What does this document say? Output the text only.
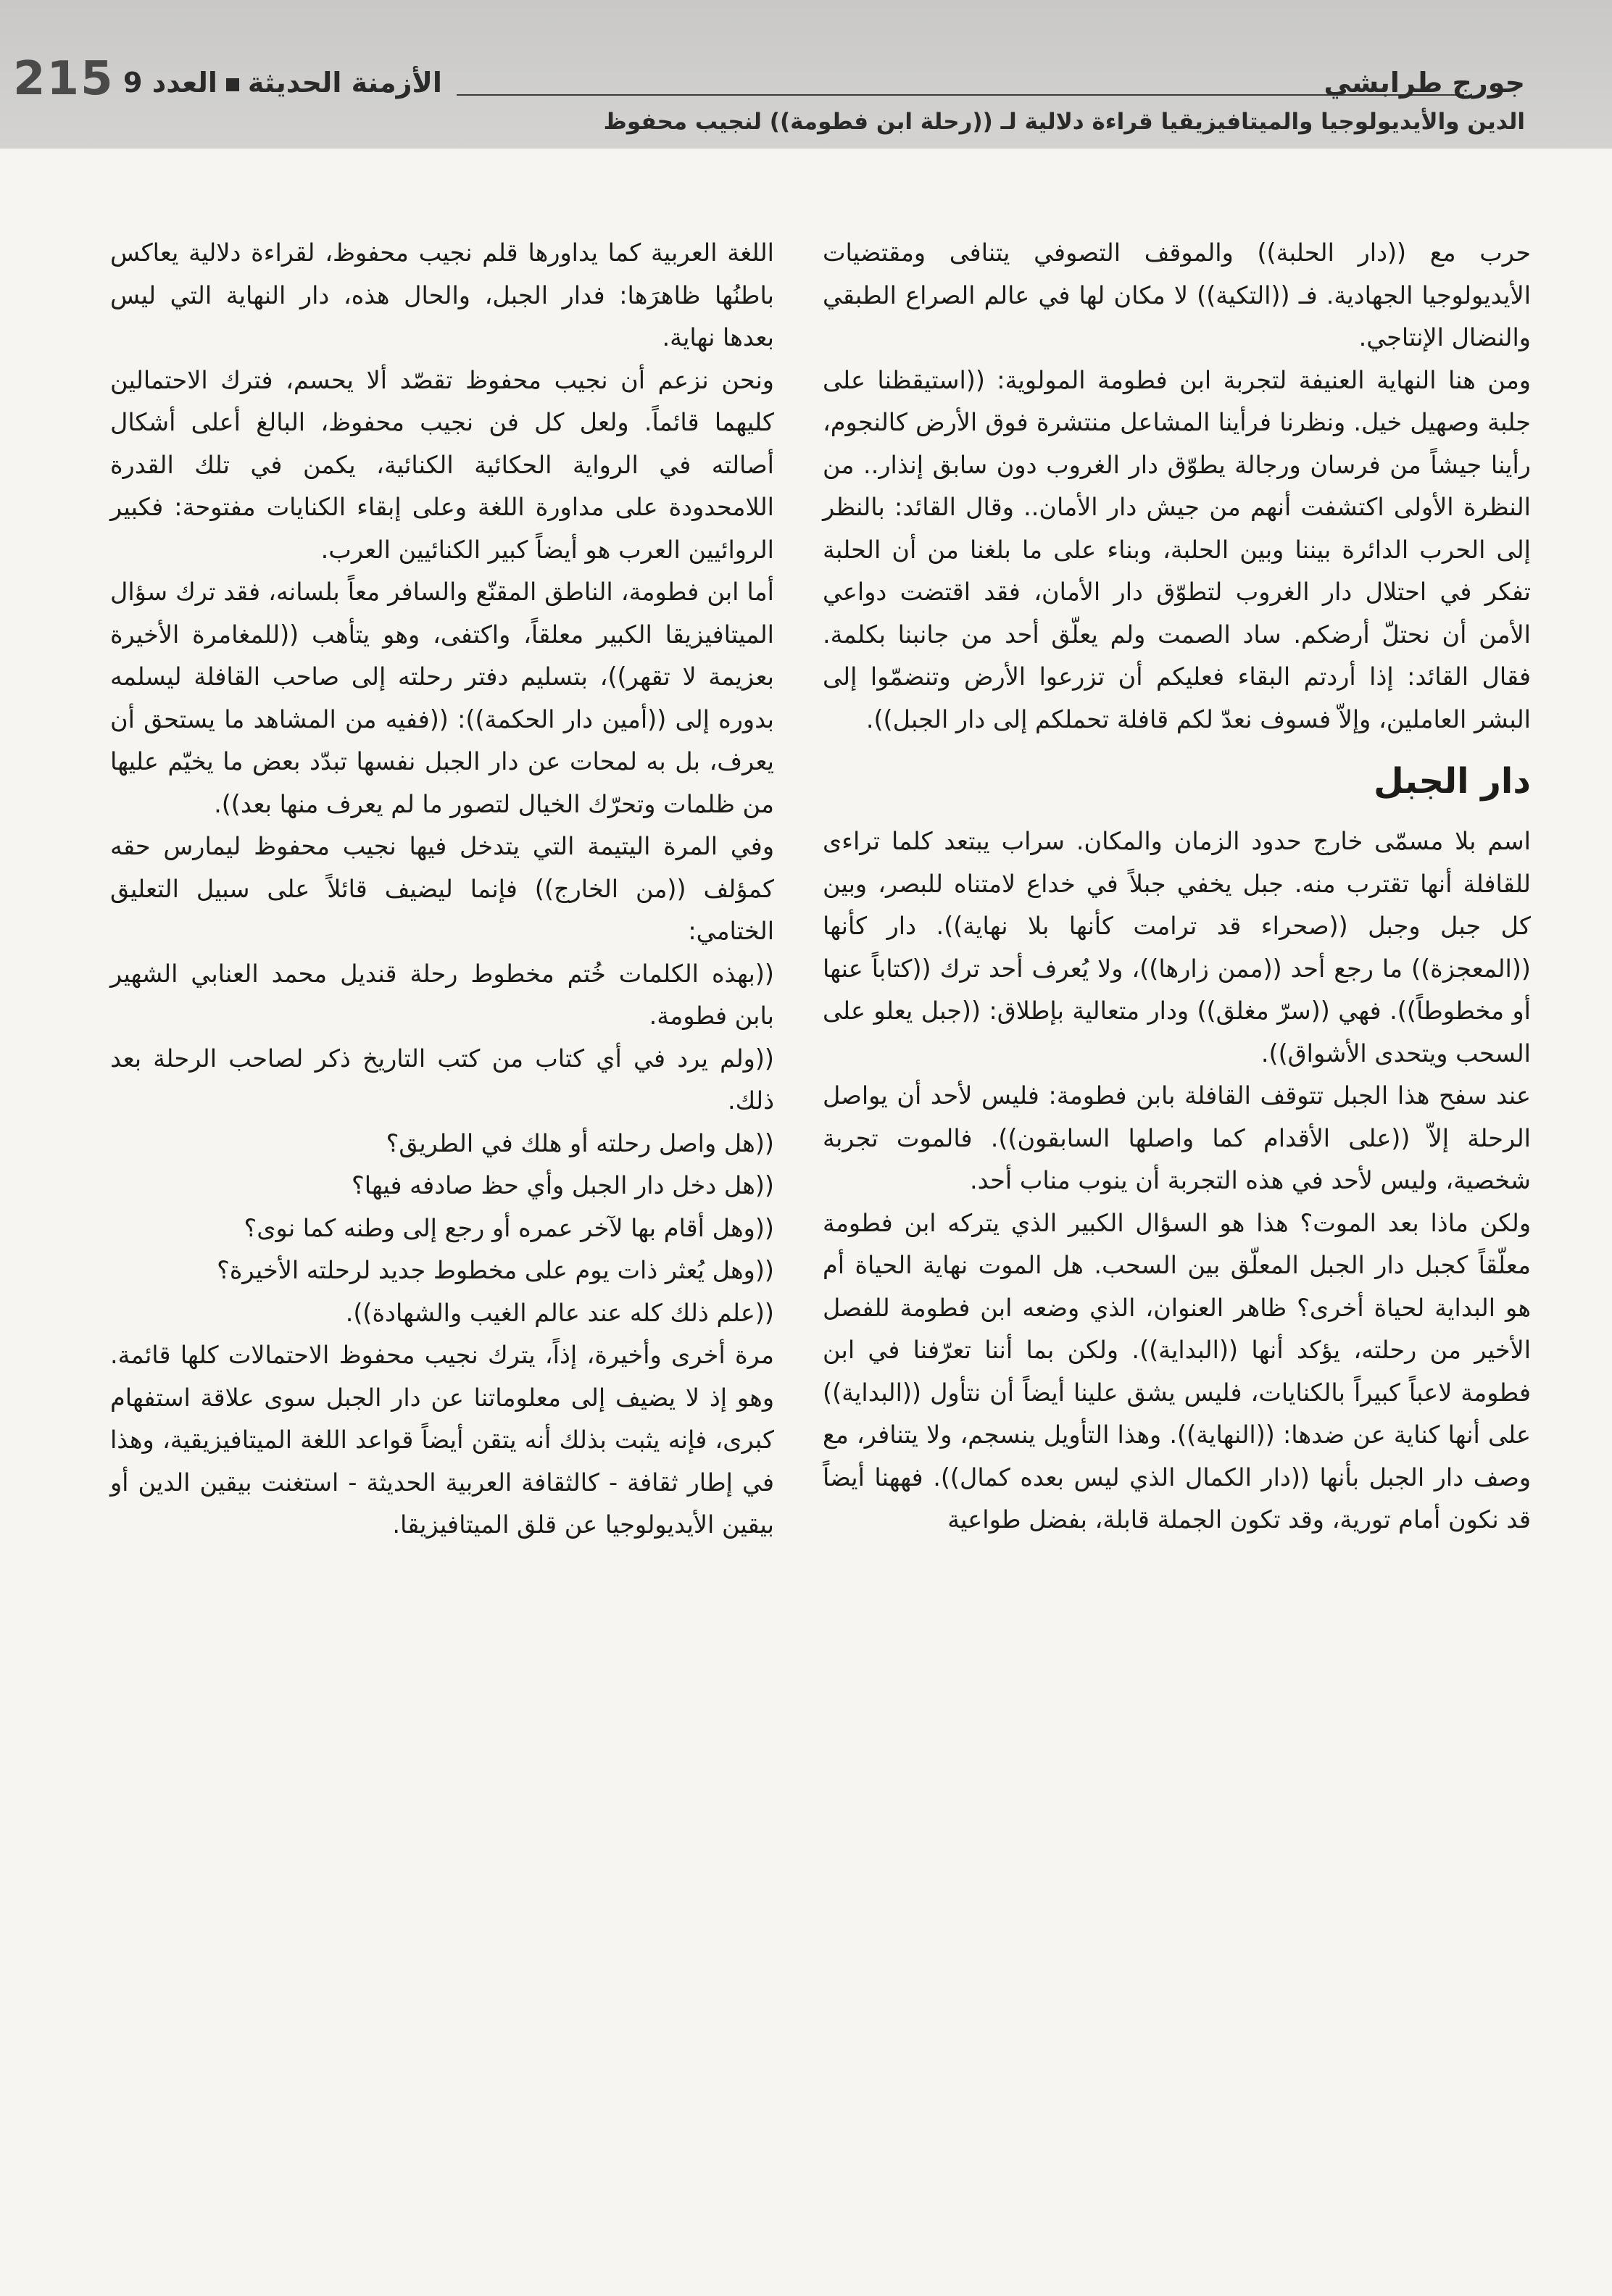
215	الأزمنة الحديثةالعدد 9	جورج طرابشي
الدين والأيديولوجيا والميتافيزيقيا قراءة دلالية لـ ((رحلة ابن فطومة)) لنجيب محفوظ

حرب مع ((دار الحلبة)) والموقف التصوفي يتنافى ومقتضيات الأيديولوجيا الجهادية. فـ ((التكية)) لا مكان لها في عالم الصراع الطبقي والنضال الإنتاجي.

ومن هنا النهاية العنيفة لتجربة ابن فطومة المولوية: ((استيقظنا على جلبة وصهيل خيل. ونظرنا فرأينا المشاعل منتشرة فوق الأرض كالنجوم، رأينا جيشاً من فرسان ورجالة يطوّق دار الغروب دون سابق إنذار.. من النظرة الأولى اكتشفت أنهم من جيش دار الأمان.. وقال القائد: بالنظر إلى الحرب الدائرة بيننا وبين الحلبة، وبناء على ما بلغنا من أن الحلبة تفكر في احتلال دار الغروب لتطوّق دار الأمان، فقد اقتضت دواعي الأمن أن نحتلّ أرضكم. ساد الصمت ولم يعلّق أحد من جانبنا بكلمة. فقال القائد: إذا أردتم البقاء فعليكم أن تزرعوا الأرض وتنضمّوا إلى البشر العاملين، وإلاّ فسوف نعدّ لكم قافلة تحملكم إلى دار الجبل)).

دار الجبل

اسم بلا مسمّى خارج حدود الزمان والمكان. سراب يبتعد كلما تراءى للقافلة أنها تقترب منه. جبل يخفي جبلاً في خداع لامتناه للبصر، وبين كل جبل وجبل ((صحراء قد ترامت كأنها بلا نهاية)). دار كأنها ((المعجزة)) ما رجع أحد ((ممن زارها))، ولا يُعرف أحد ترك ((كتاباً عنها أو مخطوطاً)). فهي ((سرّ مغلق)) ودار متعالية بإطلاق: ((جبل يعلو على السحب ويتحدى الأشواق)).

عند سفح هذا الجبل تتوقف القافلة بابن فطومة: فليس لأحد أن يواصل الرحلة إلاّ ((على الأقدام كما واصلها السابقون)). فالموت تجربة شخصية، وليس لأحد في هذه التجربة أن ينوب مناب أحد.

ولكن ماذا بعد الموت؟ هذا هو السؤال الكبير الذي يتركه ابن فطومة معلّقاً كجبل دار الجبل المعلّق بين السحب. هل الموت نهاية الحياة أم هو البداية لحياة أخرى؟ ظاهر العنوان، الذي وضعه ابن فطومة للفصل الأخير من رحلته، يؤكد أنها ((البداية)). ولكن بما أننا تعرّفنا في ابن فطومة لاعباً كبيراً بالكنايات، فليس يشق علينا أيضاً أن نتأول ((البداية)) على أنها كناية عن ضدها: ((النهاية)). وهذا التأويل ينسجم، ولا يتنافر، مع وصف دار الجبل بأنها ((دار الكمال الذي ليس بعده كمال)). فههنا أيضاً قد نكون أمام تورية، وقد تكون الجملة قابلة، بفضل طواعية

اللغة العربية كما يداورها قلم نجيب محفوظ، لقراءة دلالية يعاكس باطنُها ظاهرَها: فدار الجبل، والحال هذه، دار النهاية التي ليس بعدها نهاية.

ونحن نزعم أن نجيب محفوظ تقصّد ألا يحسم، فترك الاحتمالين كليهما قائماً. ولعل كل فن نجيب محفوظ، البالغ أعلى أشكال أصالته في الرواية الحكائية الكنائية، يكمن في تلك القدرة اللامحدودة على مداورة اللغة وعلى إبقاء الكنايات مفتوحة: فكبير الروائيين العرب هو أيضاً كبير الكنائيين العرب.

أما ابن فطومة، الناطق المقنّع والسافر معاً بلسانه، فقد ترك سؤال الميتافيزيقا الكبير معلقاً، واكتفى، وهو يتأهب ((للمغامرة الأخيرة بعزيمة لا تقهر))، بتسليم دفتر رحلته إلى صاحب القافلة ليسلمه بدوره إلى ((أمين دار الحكمة)): ((ففيه من المشاهد ما يستحق أن يعرف، بل به لمحات عن دار الجبل نفسها تبدّد بعض ما يخيّم عليها من ظلمات وتحرّك الخيال لتصور ما لم يعرف منها بعد)).

وفي المرة اليتيمة التي يتدخل فيها نجيب محفوظ ليمارس حقه كمؤلف ((من الخارج)) فإنما ليضيف قائلاً على سبيل التعليق الختامي:

((بهذه الكلمات خُتم مخطوط رحلة قنديل محمد العنابي الشهير بابن فطومة.

((ولم يرد في أي كتاب من كتب التاريخ ذكر لصاحب الرحلة بعد ذلك.

((هل واصل رحلته أو هلك في الطريق؟

((هل دخل دار الجبل وأي حظ صادفه فيها؟

((وهل أقام بها لآخر عمره أو رجع إلى وطنه كما نوى؟

((وهل يُعثر ذات يوم على مخطوط جديد لرحلته الأخيرة؟

((علم ذلك كله عند عالم الغيب والشهادة)).

مرة أخرى وأخيرة، إذاً، يترك نجيب محفوظ الاحتمالات كلها قائمة. وهو إذ لا يضيف إلى معلوماتنا عن دار الجبل سوى علاقة استفهام كبرى، فإنه يثبت بذلك أنه يتقن أيضاً قواعد اللغة الميتافيزيقية، وهذا في إطار ثقافة - كالثقافة العربية الحديثة - استغنت بيقين الدين أو بيقين الأيديولوجيا عن قلق الميتافيزيقا.
